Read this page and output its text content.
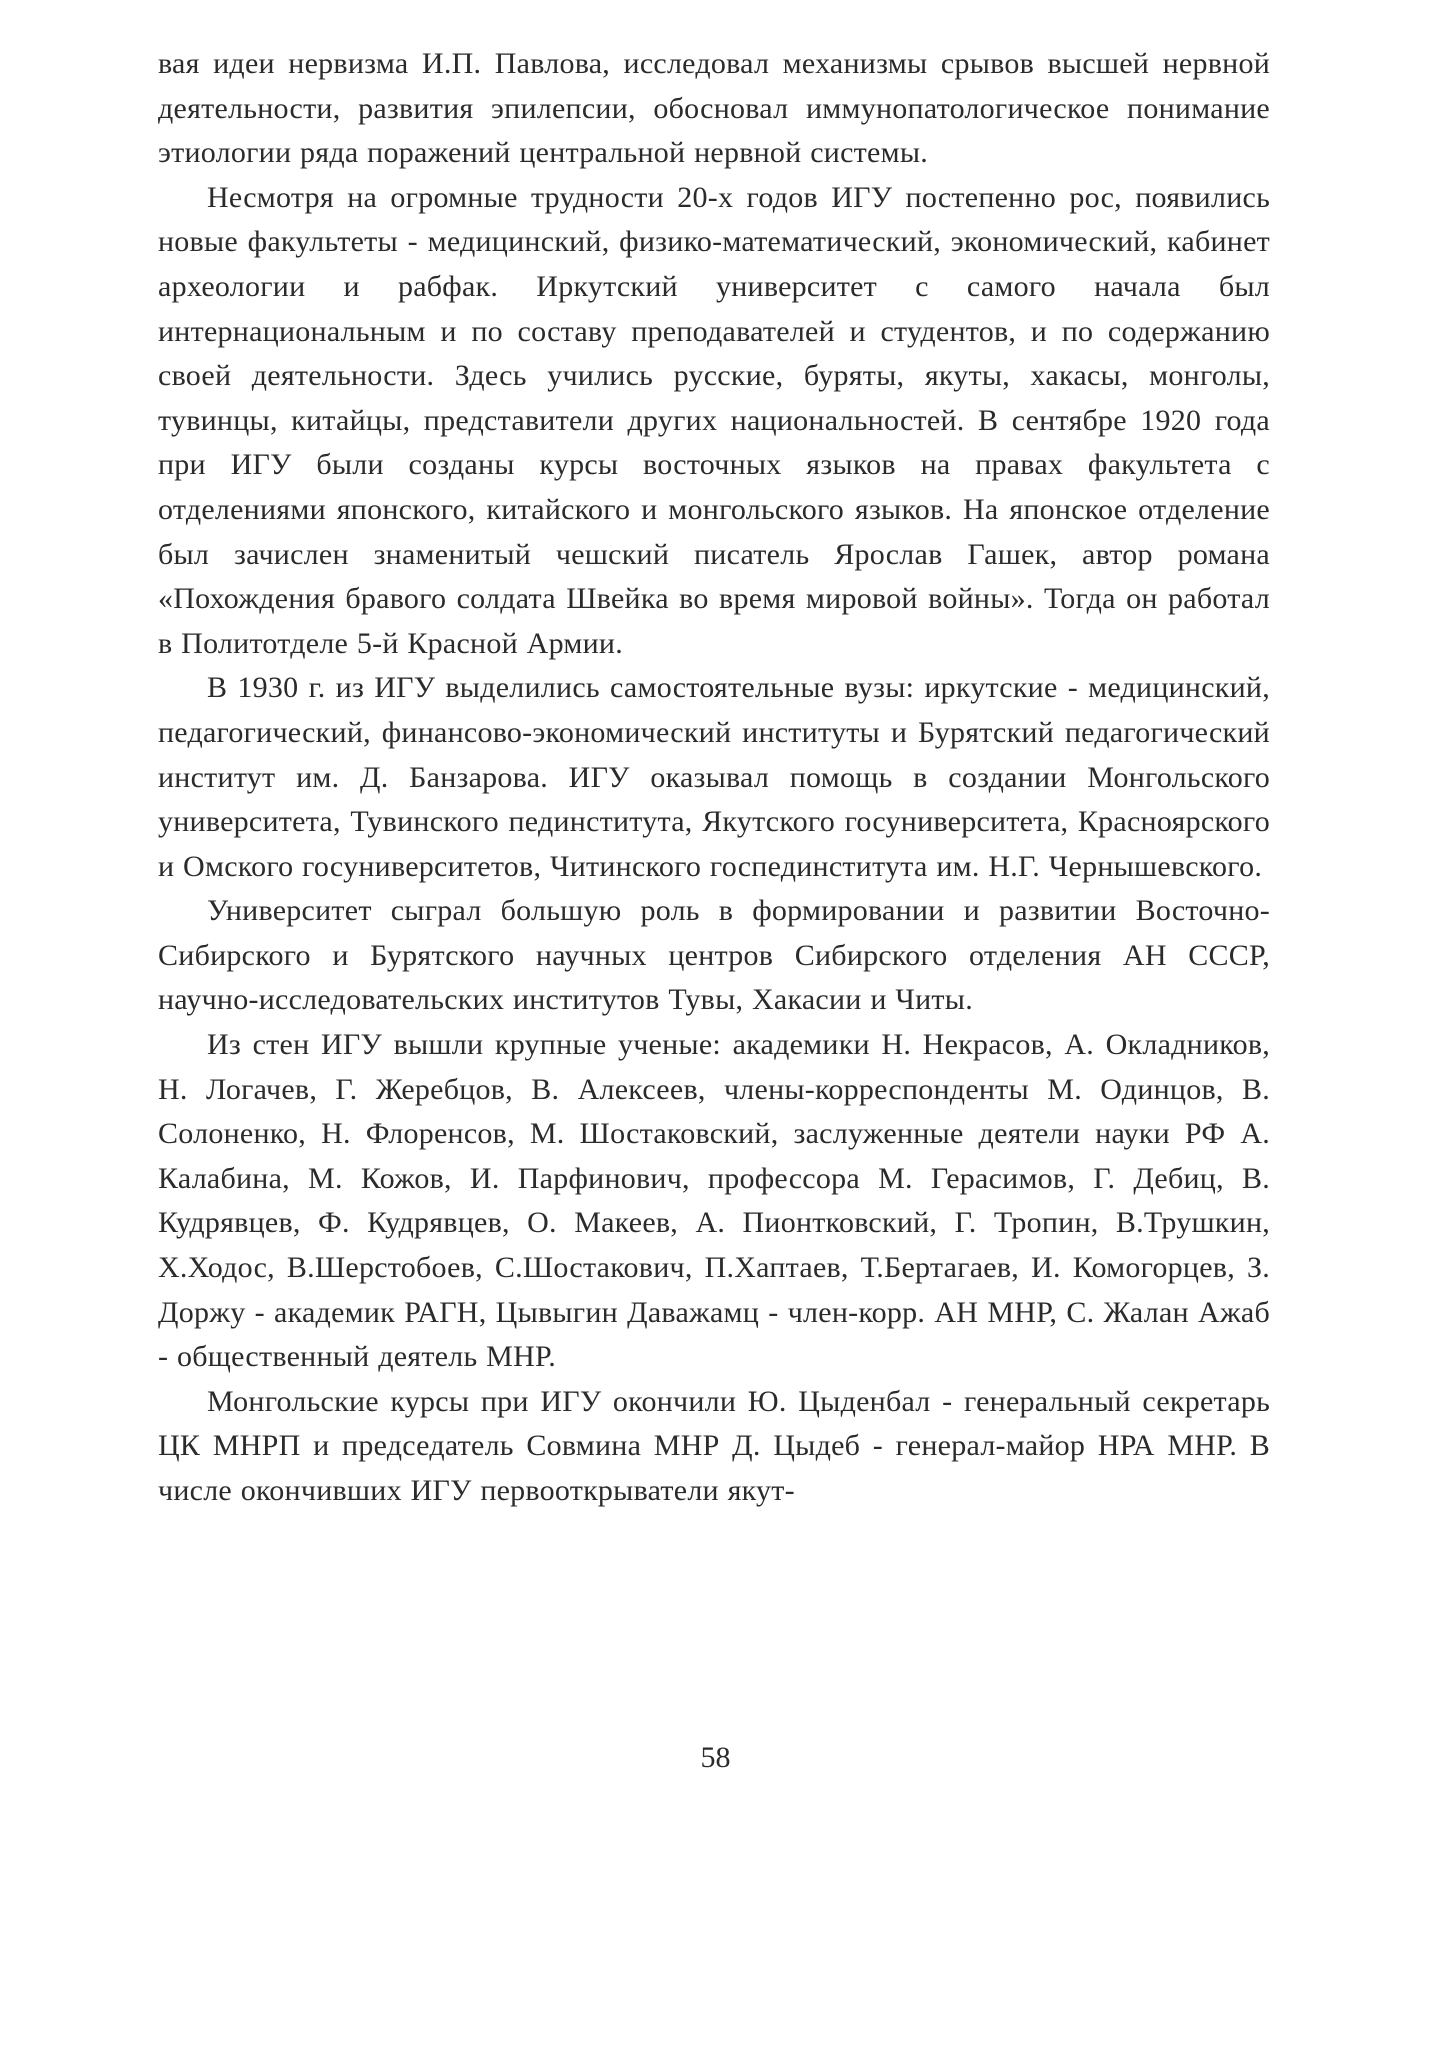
вая идеи нервизма И.П. Павлова, исследовал механизмы срывов высшей нервной деятельности, развития эпилепсии, обосновал иммунопатологическое понимание этиологии ряда поражений центральной нервной системы.

Несмотря на огромные трудности 20-х годов ИГУ постепенно рос, появились новые факультеты - медицинский, физико-математический, экономический, кабинет археологии и рабфак. Иркутский университет с самого начала был интернациональным и по составу преподавателей и студентов, и по содержанию своей деятельности. Здесь учились русские, буряты, якуты, хакасы, монголы, тувинцы, китайцы, представители других национальностей. В сентябре 1920 года при ИГУ были созданы курсы восточных языков на правах факультета с отделениями японского, китайского и монгольского языков. На японское отделение был зачислен знаменитый чешский писатель Ярослав Гашек, автор романа «Похождения бравого солдата Швейка во время мировой войны». Тогда он работал в Политотделе 5-й Красной Армии.

В 1930 г. из ИГУ выделились самостоятельные вузы: иркутские - медицинский, педагогический, финансово-экономический институты и Бурятский педагогический институт им. Д. Банзарова. ИГУ оказывал помощь в создании Монгольского университета, Тувинского пединститута, Якутского госуниверситета, Красноярского и Омского госуниверситетов, Читинского госпединститута им. Н.Г. Чернышевского.

Университет сыграл большую роль в формировании и развитии Восточно-Сибирского и Бурятского научных центров Сибирского отделения АН СССР, научно-исследовательских институтов Тувы, Хакасии и Читы.

Из стен ИГУ вышли крупные ученые: академики Н. Некрасов, А. Окладников, Н. Логачев, Г. Жеребцов, В. Алексеев, члены-корреспонденты М. Одинцов, В. Солоненко, Н. Флоренсов, М. Шостаковский, заслуженные деятели науки РФ А. Калабина, М. Кожов, И. Парфинович, профессора М. Герасимов, Г. Дебиц, В. Кудрявцев, Ф. Кудрявцев, О. Макеев, А. Пионтковский, Г. Тропин, В.Трушкин, Х.Ходос, В.Шерстобоев, С.Шостакович, П.Хаптаев, Т.Бертагаев, И. Комогорцев, З. Доржу - академик РАГН, Цывыгин Даважамц - член-корр. АН МНР, С. Жалан Ажаб - общественный деятель МНР.

Монгольские курсы при ИГУ окончили Ю. Цыденбал - генеральный секретарь ЦК МНРП и председатель Совмина МНР Д. Цыдеб - генерал-майор НРА МНР. В числе окончивших ИГУ первооткрыватели якут-

58
